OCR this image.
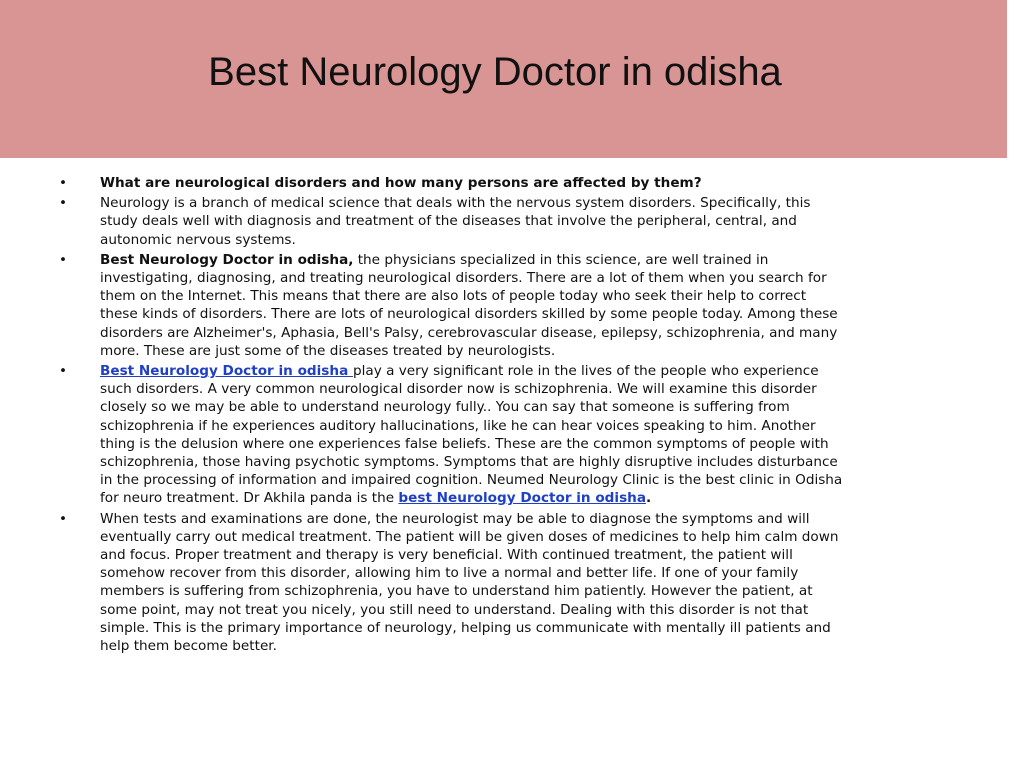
Best Neurology Doctor in odisha
• What are neurological disorders and how many persons are affected by them?
• Neurology is a branch of medical science that deals with the nervous system disorders. Specifically, this study deals well with diagnosis and treatment of the diseases that involve the peripheral, central, and autonomic nervous systems.
• Best Neurology Doctor in odisha, the physicians specialized in this science, are well trained in investigating, diagnosing, and treating neurological disorders. There are a lot of them when you search for them on the Internet. This means that there are also lots of people today who seek their help to correct these kinds of disorders. There are lots of neurological disorders skilled by some people today. Among these disorders are Alzheimer's, Aphasia, Bell's Palsy, cerebrovascular disease, epilepsy, schizophrenia, and many more. These are just some of the diseases treated by neurologists.
• Best Neurology Doctor in odisha play a very significant role in the lives of the people who experience such disorders. A very common neurological disorder now is schizophrenia. We will examine this disorder closely so we may be able to understand neurology fully.. You can say that someone is suffering from schizophrenia if he experiences auditory hallucinations, like he can hear voices speaking to him. Another thing is the delusion where one experiences false beliefs. These are the common symptoms of people with schizophrenia, those having psychotic symptoms. Symptoms that are highly disruptive includes disturbance in the processing of information and impaired cognition. Neumed Neurology Clinic is the best clinic in Odisha for neuro treatment. Dr Akhila panda is the best Neurology Doctor in odisha.
• When tests and examinations are done, the neurologist may be able to diagnose the symptoms and will eventually carry out medical treatment. The patient will be given doses of medicines to help him calm down and focus. Proper treatment and therapy is very beneficial. With continued treatment, the patient will somehow recover from this disorder, allowing him to live a normal and better life. If one of your family members is suffering from schizophrenia, you have to understand him patiently. However the patient, at some point, may not treat you nicely, you still need to understand. Dealing with this disorder is not that simple. This is the primary importance of neurology, helping us communicate with mentally ill patients and help them become better.
